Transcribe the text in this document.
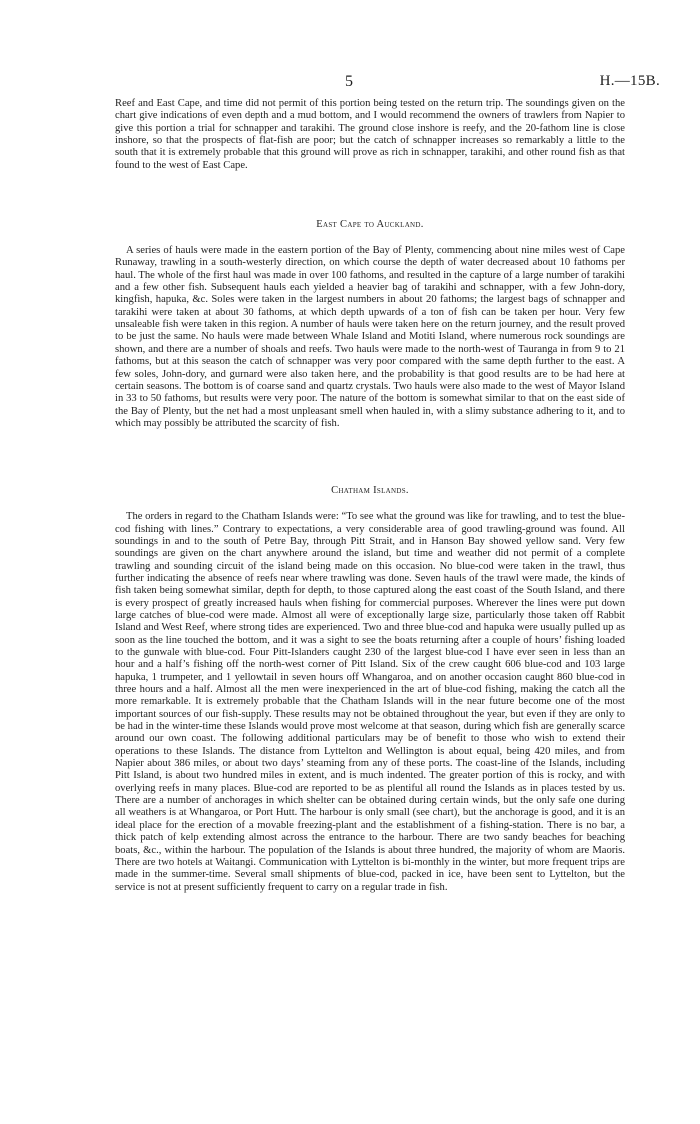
5	H.—15B.

Reef and East Cape, and time did not permit of this portion being tested on the return trip. The soundings given on the chart give indications of even depth and a mud bottom, and I would recommend the owners of trawlers from Napier to give this portion a trial for schnapper and tarakihi. The ground close inshore is reefy, and the 20-fathom line is close inshore, so that the prospects of flat-fish are poor; but the catch of schnapper increases so remarkably a little to the south that it is extremely probable that this ground will prove as rich in schnapper, tarakihi, and other round fish as that found to the west of East Cape.

East Cape to Auckland.

A series of hauls were made in the eastern portion of the Bay of Plenty, commencing about nine miles west of Cape Runaway, trawling in a south-westerly direction, on which course the depth of water decreased about 10 fathoms per haul. The whole of the first haul was made in over 100 fathoms, and resulted in the capture of a large number of tarakihi and a few other fish. Subsequent hauls each yielded a heavier bag of tarakihi and schnapper, with a few John-dory, kingfish, hapuka, &c. Soles were taken in the largest numbers in about 20 fathoms; the largest bags of schnapper and tarakihi were taken at about 30 fathoms, at which depth upwards of a ton of fish can be taken per hour. Very few unsaleable fish were taken in this region. A number of hauls were taken here on the return journey, and the result proved to be just the same. No hauls were made between Whale Island and Motiti Island, where numerous rock soundings are shown, and there are a number of shoals and reefs. Two hauls were made to the north-west of Tauranga in from 9 to 21 fathoms, but at this season the catch of schnapper was very poor compared with the same depth further to the east. A few soles, John-dory, and gurnard were also taken here, and the probability is that good results are to be had here at certain seasons. The bottom is of coarse sand and quartz crystals. Two hauls were also made to the west of Mayor Island in 33 to 50 fathoms, but results were very poor. The nature of the bottom is somewhat similar to that on the east side of the Bay of Plenty, but the net had a most unpleasant smell when hauled in, with a slimy substance adhering to it, and to which may possibly be attributed the scarcity of fish.

Chatham Islands.

The orders in regard to the Chatham Islands were: “To see what the ground was like for trawling, and to test the blue-cod fishing with lines.” Contrary to expectations, a very considerable area of good trawling-ground was found. All soundings in and to the south of Petre Bay, through Pitt Strait, and in Hanson Bay showed yellow sand. Very few soundings are given on the chart anywhere around the island, but time and weather did not permit of a complete trawling and sounding circuit of the island being made on this occasion. No blue-cod were taken in the trawl, thus further indicating the absence of reefs near where trawling was done. Seven hauls of the trawl were made, the kinds of fish taken being somewhat similar, depth for depth, to those captured along the east coast of the South Island, and there is every prospect of greatly increased hauls when fishing for commercial purposes. Wherever the lines were put down large catches of blue-cod were made. Almost all were of exceptionally large size, particularly those taken off Rabbit Island and West Reef, where strong tides are experienced. Two and three blue-cod and hapuka were usually pulled up as soon as the line touched the bottom, and it was a sight to see the boats returning after a couple of hours’ fishing loaded to the gunwale with blue-cod. Four Pitt-Islanders caught 230 of the largest blue-cod I have ever seen in less than an hour and a half’s fishing off the north-west corner of Pitt Island. Six of the crew caught 606 blue-cod and 103 large hapuka, 1 trumpeter, and 1 yellowtail in seven hours off Whangaroa, and on another occasion caught 860 blue-cod in three hours and a half. Almost all the men were inexperienced in the art of blue-cod fishing, making the catch all the more remarkable. It is extremely probable that the Chatham Islands will in the near future become one of the most important sources of our fish-supply. These results may not be obtained throughout the year, but even if they are only to be had in the winter-time these Islands would prove most welcome at that season, during which fish are generally scarce around our own coast. The following additional particulars may be of benefit to those who wish to extend their operations to these Islands. The distance from Lyttelton and Wellington is about equal, being 420 miles, and from Napier about 386 miles, or about two days’ steaming from any of these ports. The coast-line of the Islands, including Pitt Island, is about two hundred miles in extent, and is much indented. The greater portion of this is rocky, and with overlying reefs in many places. Blue-cod are reported to be as plentiful all round the Islands as in places tested by us. There are a number of anchorages in which shelter can be obtained during certain winds, but the only safe one during all weathers is at Whangaroa, or Port Hutt. The harbour is only small (see chart), but the anchorage is good, and it is an ideal place for the erection of a movable freezing-plant and the establishment of a fishing-station. There is no bar, a thick patch of kelp extending almost across the entrance to the harbour. There are two sandy beaches for beaching boats, &c., within the harbour. The population of the Islands is about three hundred, the majority of whom are Maoris. There are two hotels at Waitangi. Communication with Lyttelton is bi-monthly in the winter, but more frequent trips are made in the summer-time. Several small shipments of blue-cod, packed in ice, have been sent to Lyttelton, but the service is not at present sufficiently frequent to carry on a regular trade in fish.
